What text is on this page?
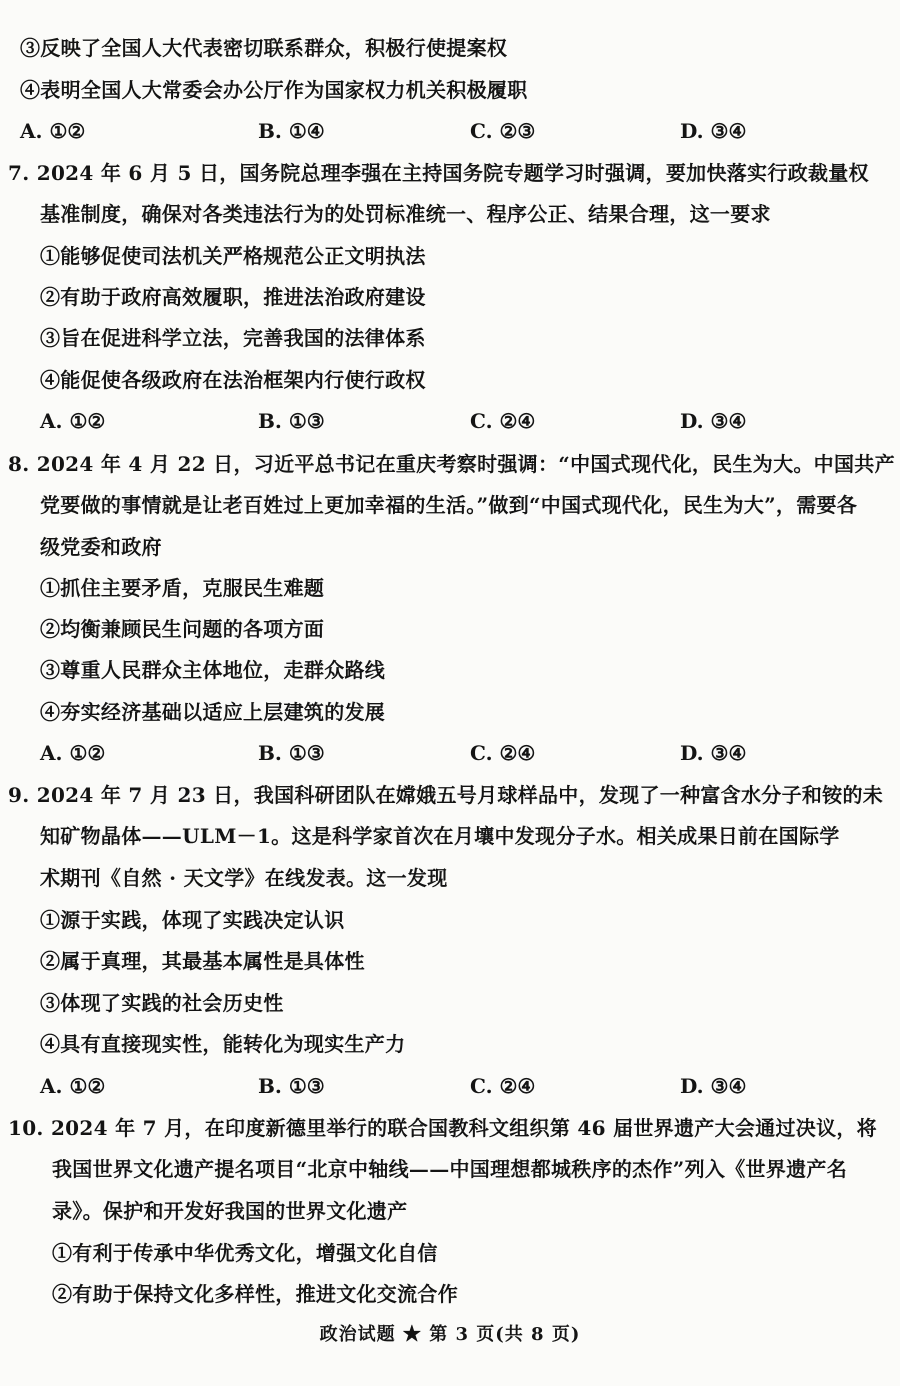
③反映了全国人大代表密切联系群众，积极行使提案权
④表明全国人大常委会办公厅作为国家权力机关积极履职
A. ①②	B. ①④	C. ②③	D. ③④
7. 2024 年 6 月 5 日，国务院总理李强在主持国务院专题学习时强调，要加快落实行政裁量权
基准制度，确保对各类违法行为的处罚标准统一、程序公正、结果合理，这一要求
①能够促使司法机关严格规范公正文明执法
②有助于政府高效履职，推进法治政府建设
③旨在促进科学立法，完善我国的法律体系
④能促使各级政府在法治框架内行使行政权
A. ①②	B. ①③	C. ②④	D. ③④
8. 2024 年 4 月 22 日，习近平总书记在重庆考察时强调：“中国式现代化，民生为大。中国共产
党要做的事情就是让老百姓过上更加幸福的生活。”做到“中国式现代化，民生为大”，需要各
级党委和政府
①抓住主要矛盾，克服民生难题
②均衡兼顾民生问题的各项方面
③尊重人民群众主体地位，走群众路线
④夯实经济基础以适应上层建筑的发展
A. ①②	B. ①③	C. ②④	D. ③④
9. 2024 年 7 月 23 日，我国科研团队在嫦娥五号月球样品中，发现了一种富含水分子和铵的未
知矿物晶体——ULM－1。这是科学家首次在月壤中发现分子水。相关成果日前在国际学
术期刊《自然 · 天文学》在线发表。这一发现
①源于实践，体现了实践决定认识
②属于真理，其最基本属性是具体性
③体现了实践的社会历史性
④具有直接现实性，能转化为现实生产力
A. ①②	B. ①③	C. ②④	D. ③④
10. 2024 年 7 月，在印度新德里举行的联合国教科文组织第 46 届世界遗产大会通过决议，将
我国世界文化遗产提名项目“北京中轴线——中国理想都城秩序的杰作”列入《世界遗产名
录》。保护和开发好我国的世界文化遗产
①有利于传承中华优秀文化，增强文化自信
②有助于保持文化多样性，推进文化交流合作
政治试题 ★ 第 3 页(共 8 页)
